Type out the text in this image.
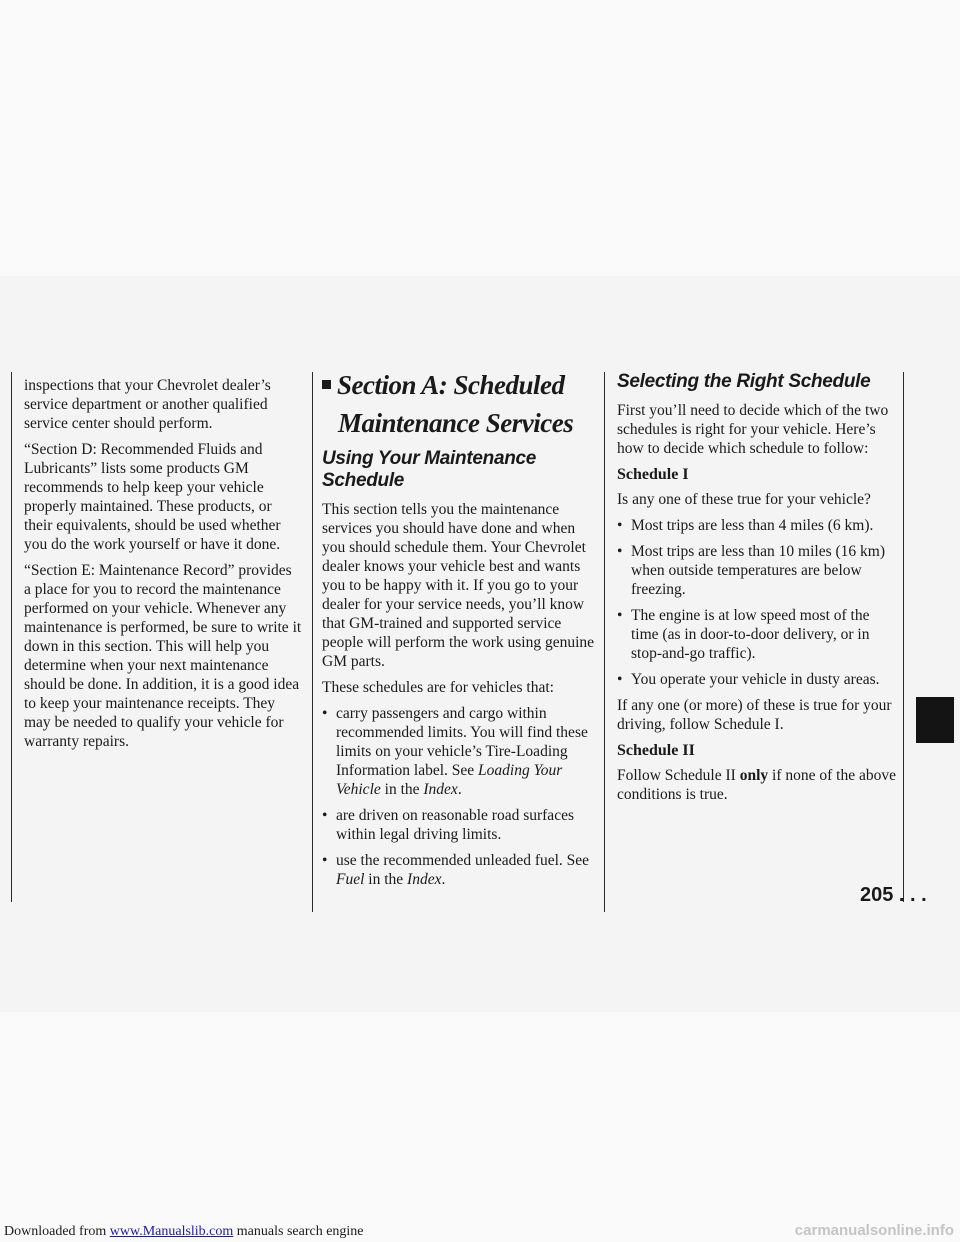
inspections that your Chevrolet dealer’s service department or another qualified service center should perform.

“Section D: Recommended Fluids and Lubricants” lists some products GM recommends to help keep your vehicle properly maintained. These products, or their equivalents, should be used whether you do the work yourself or have it done.

“Section E: Maintenance Record” provides a place for you to record the maintenance performed on your vehicle. Whenever any maintenance is performed, be sure to write it down in this section. This will help you determine when your next maintenance should be done. In addition, it is a good idea to keep your maintenance receipts. They may be needed to qualify your vehicle for warranty repairs.

Section A: Scheduled
Maintenance Services
Using Your Maintenance Schedule

This section tells you the maintenance services you should have done and when you should schedule them. Your Chevrolet dealer knows your vehicle best and wants you to be happy with it. If you go to your dealer for your service needs, you’ll know that GM-trained and supported service people will perform the work using genuine GM parts.

These schedules are for vehicles that:

• carry passengers and cargo within recommended limits. You will find these limits on your vehicle’s Tire-Loading Information label. See Loading Your Vehicle in the Index.
• are driven on reasonable road surfaces within legal driving limits.
• use the recommended unleaded fuel. See Fuel in the Index.
Selecting the Right Schedule

First you’ll need to decide which of the two schedules is right for your vehicle. Here’s how to decide which schedule to follow:

Schedule I

Is any one of these true for your vehicle?

• Most trips are less than 4 miles (6 km).
• Most trips are less than 10 miles (16 km) when outside temperatures are below freezing.
• The engine is at low speed most of the time (as in door-to-door delivery, or in stop-and-go traffic).
• You operate your vehicle in dusty areas.

If any one (or more) of these is true for your driving, follow Schedule I.

Schedule II

Follow Schedule II only if none of the above conditions is true.

205 . . .
Downloaded from www.Manualslib.com manuals search engine	carmanualsonline.info
